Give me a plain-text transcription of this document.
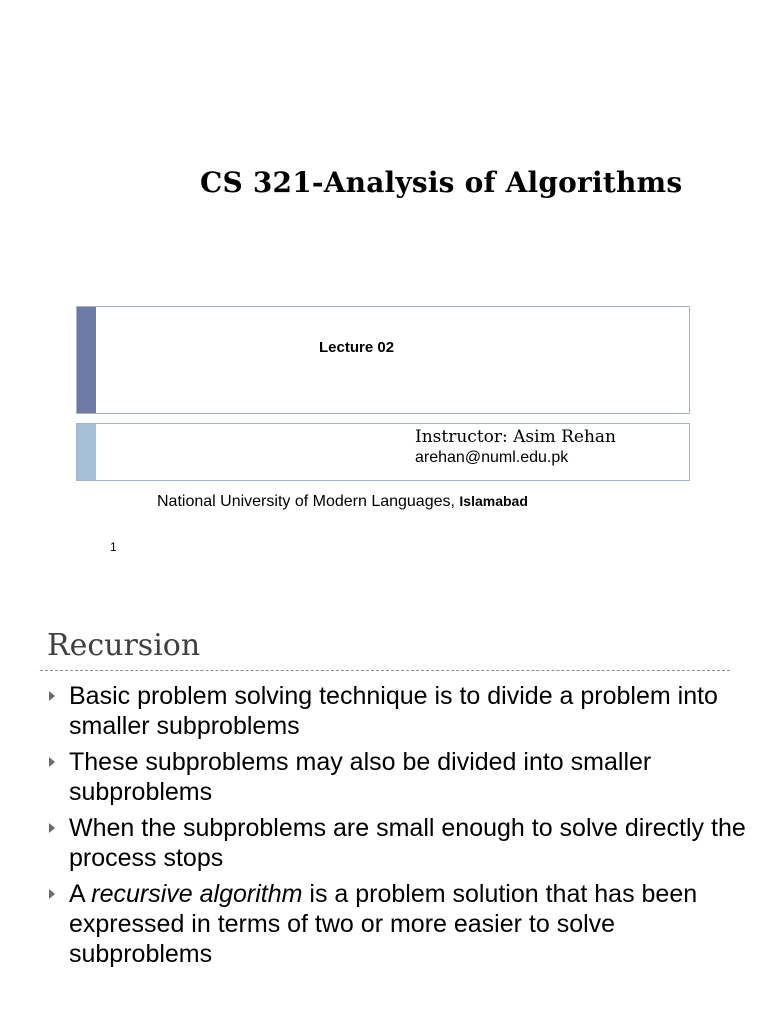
CS 321-Analysis of Algorithms
Lecture 02
Instructor: Asim Rehan
arehan@numl.edu.pk
National University of Modern Languages, Islamabad
1
Recursion
Basic problem solving technique is to divide a problem into smaller subproblems
These subproblems may also be divided into smaller subproblems
When the subproblems are small enough to solve directly the process stops
A recursive algorithm is a problem solution that has been expressed in terms of two or more easier to solve subproblems
